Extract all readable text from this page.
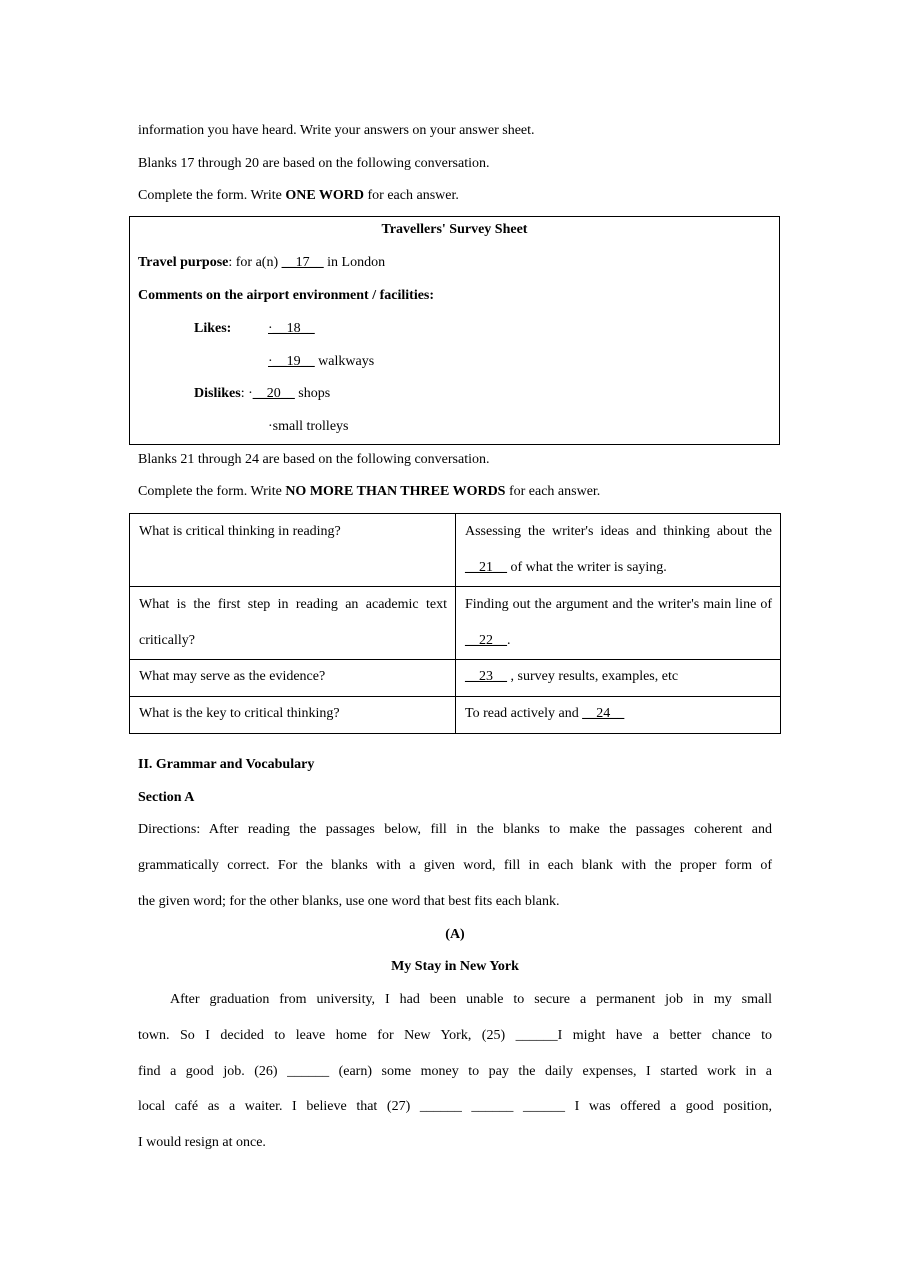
information you have heard. Write your answers on your answer sheet.
Blanks 17 through 20 are based on the following conversation.
Complete the form. Write ONE WORD for each answer.
Travellers' Survey Sheet
Travel purpose: for a(n) __17__ in London
Comments on the airport environment / facilities:
Likes:	·__18__
·__19__ walkways
Dislikes: ·__20__ shops
·small trolleys
Blanks 21 through 24 are based on the following conversation.
Complete the form. Write NO MORE THAN THREE WORDS for each answer.
What is critical thinking in reading?	Assessing the writer's ideas and thinking about the __21__ of what the writer is saying.
What is the first step in reading an academic text critically?	Finding out the argument and the writer's main line of __22__.
What may serve as the evidence?	__23__ , survey results, examples, etc
What is the key to critical thinking?	To read actively and __24__
II. Grammar and Vocabulary
Section A
Directions: After reading the passages below, fill in the blanks to make the passages coherent and
grammatically correct. For the blanks with a given word, fill in each blank with the proper form of
the given word; for the other blanks, use one word that best fits each blank.
(A)
My Stay in New York
After graduation from university, I had been unable to secure a permanent job in my small
town. So I decided to leave home for New York, (25) ______I might have a better chance to
find a good job. (26) ______ (earn) some money to pay the daily expenses, I started work in a
local café as a waiter. I believe that (27) ______ ______ ______ I was offered a good position,
I would resign at once.
